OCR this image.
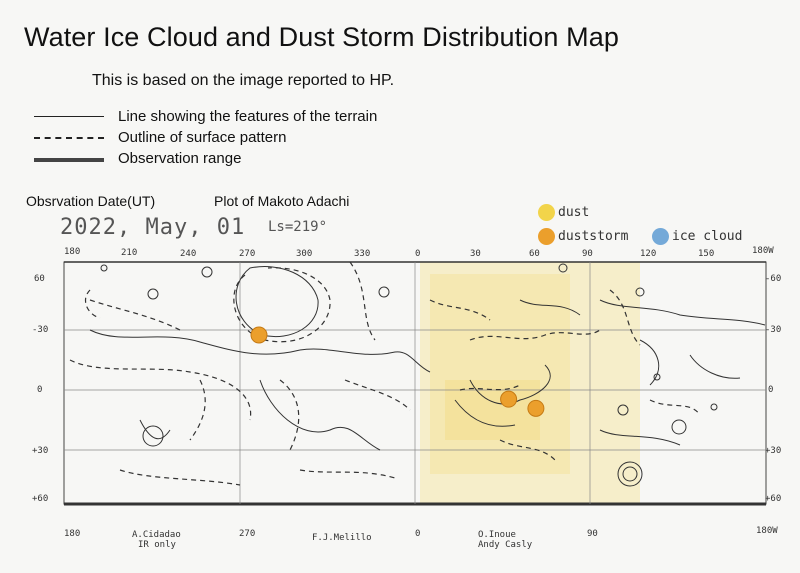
Water Ice Cloud and Dust Storm Distribution Map
This is based on the image reported to HP.
Line showing the features of the terrain
Outline of surface pattern
Observation range
Obsrvation Date(UT)	Plot of Makoto Adachi
2022, May, 01 Ls=219°
dust
duststorm	ice cloud
180	210	240	270	300	330	0	30	60	90	120	150	180W
60
-30
0
+30
+60
-60
-30
0
+30
+60
180	270	0	90	180W
A.Cidadao
IR only
F.J.Melillo	O.Inoue
Andy Casly
